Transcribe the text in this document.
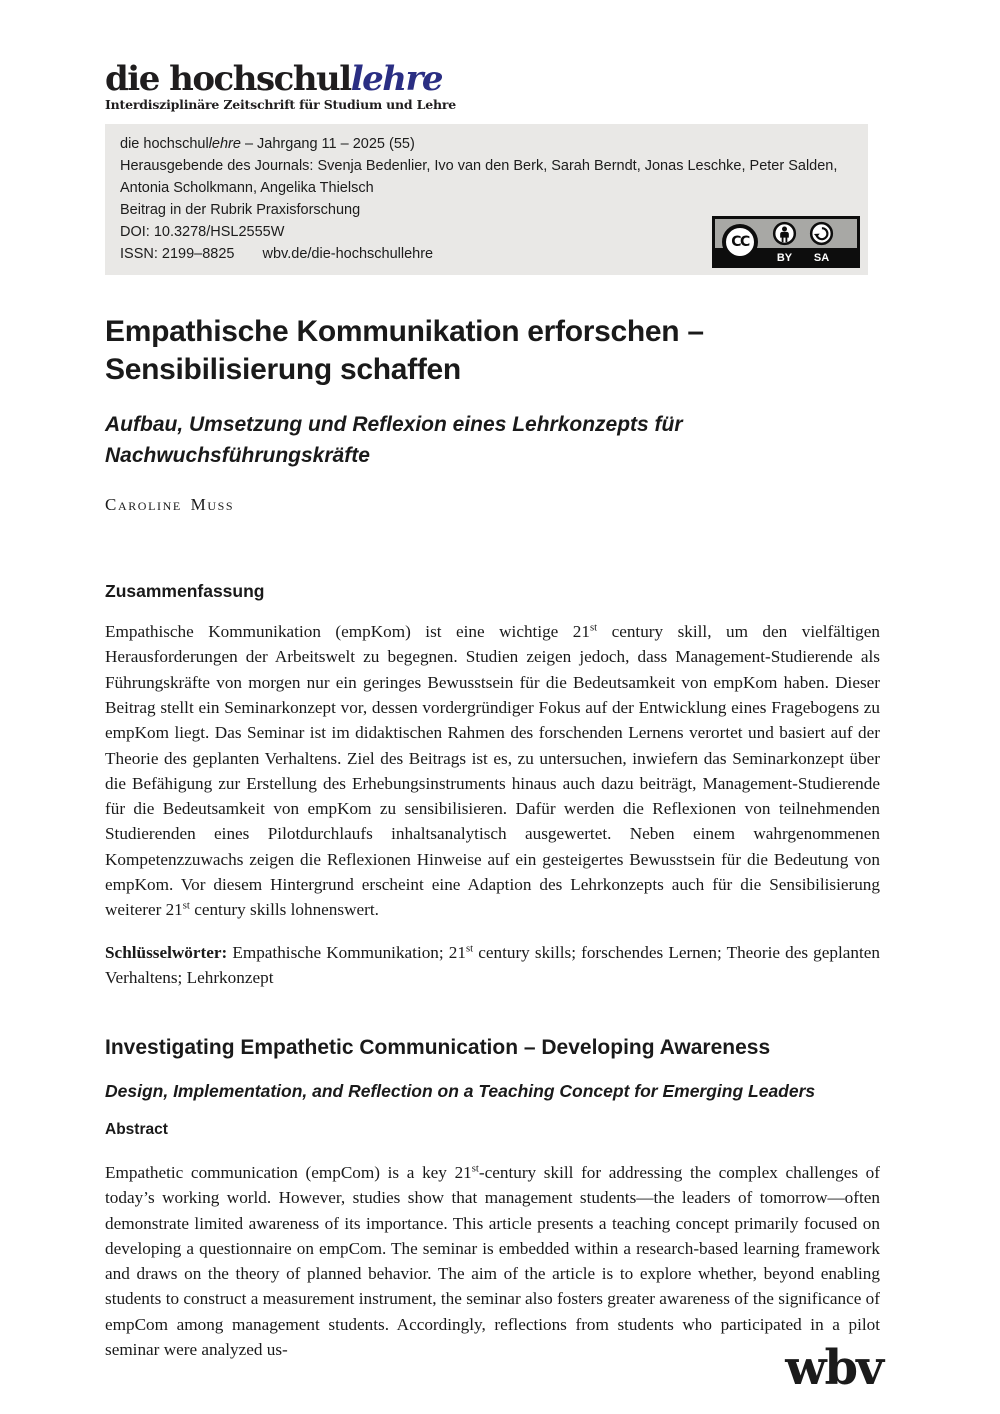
die hochschullehre
Interdisziplinäre Zeitschrift für Studium und Lehre

die hochschullehre – Jahrgang 11 – 2025 (55)

Herausgebende des Journals: Svenja Bedenlier, Ivo van den Berk, Sarah Berndt, Jonas Leschke, Peter Salden, Antonia Scholkmann, Angelika Thielsch

Beitrag in der Rubrik Praxisforschung

DOI: 10.3278/HSL2555W

ISSN: 2199–8825 wbv.de/die-hochschullehre

CC
BY	SA
Empathische Kommunikation erforschen – Sensibilisierung schaffen
Aufbau, Umsetzung und Reflexion eines Lehrkonzepts für Nachwuchsführungskräfte
Caroline Muss
Zusammenfassung

Empathische Kommunikation (empKom) ist eine wichtige 21st century skill, um den vielfältigen Herausforderungen der Arbeitswelt zu begegnen. Studien zeigen jedoch, dass Management-Studierende als Führungskräfte von morgen nur ein geringes Bewusstsein für die Bedeutsamkeit von empKom haben. Dieser Beitrag stellt ein Seminarkonzept vor, dessen vordergründiger Fokus auf der Entwicklung eines Fragebogens zu empKom liegt. Das Seminar ist im didaktischen Rahmen des forschenden Lernens verortet und basiert auf der Theorie des geplanten Verhaltens. Ziel des Beitrags ist es, zu untersuchen, inwiefern das Seminarkonzept über die Befähigung zur Erstellung des Erhebungsinstruments hinaus auch dazu beiträgt, Management-Studierende für die Bedeutsamkeit von empKom zu sensibilisieren. Dafür werden die Reflexionen von teilnehmenden Studierenden eines Pilotdurchlaufs inhaltsanalytisch ausgewertet. Neben einem wahrgenommenen Kompetenzzuwachs zeigen die Reflexionen Hinweise auf ein gesteigertes Bewusstsein für die Bedeutung von empKom. Vor diesem Hintergrund erscheint eine Adaption des Lehrkonzepts auch für die Sensibilisierung weiterer 21st century skills lohnenswert.

Schlüsselwörter: Empathische Kommunikation; 21st century skills; forschendes Lernen; Theorie des geplanten Verhaltens; Lehrkonzept

Investigating Empathetic Communication – Developing Awareness
Design, Implementation, and Reflection on a Teaching Concept for Emerging Leaders
Abstract

Empathetic communication (empCom) is a key 21st-century skill for addressing the complex challenges of today’s working world. However, studies show that management students—the leaders of tomorrow—often demonstrate limited awareness of its importance. This article presents a teaching concept primarily focused on developing a questionnaire on empCom. The seminar is embedded within a research-based learning framework and draws on the theory of planned behavior. The aim of the article is to explore whether, beyond enabling students to construct a measurement instrument, the seminar also fosters greater awareness of the significance of empCom among management students. Accordingly, reflections from students who participated in a pilot seminar were analyzed us-	wbv
